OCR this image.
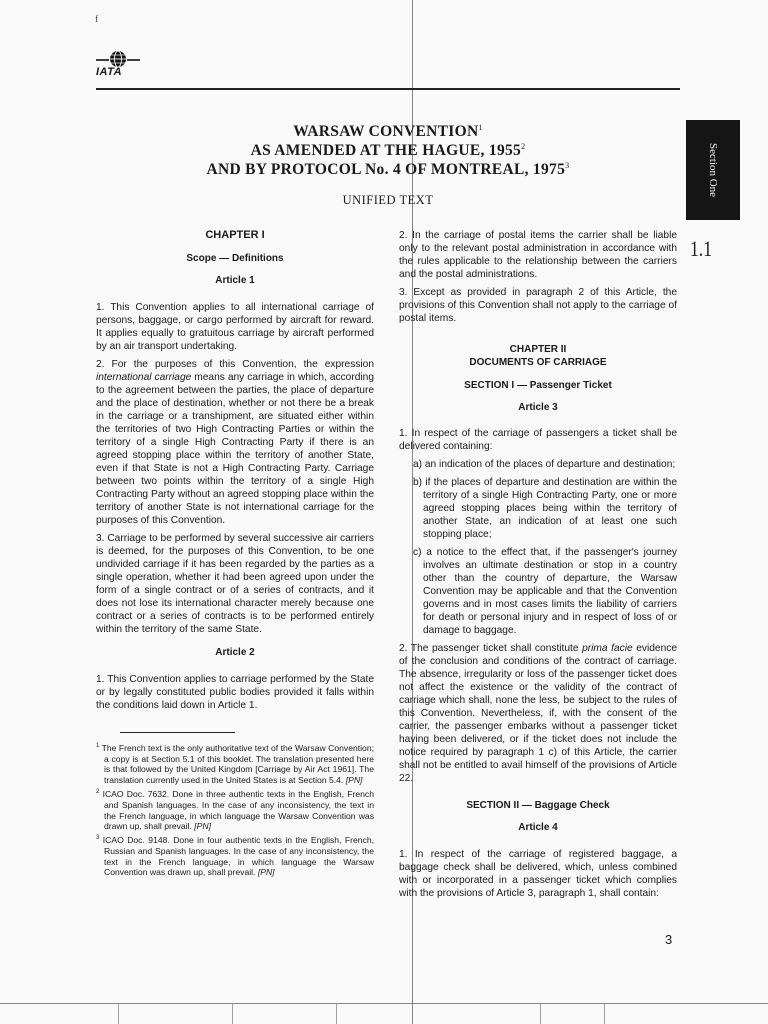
f
IATA
Section One
1.1
WARSAW CONVENTION$^1$
AS AMENDED AT THE HAGUE, 1955$^2$
AND BY PROTOCOL No. 4 OF MONTREAL, 1975$^3$
UNIFIED TEXT

CHAPTER I

Scope — Definitions

Article 1

1. This Convention applies to all international carriage of persons, baggage, or cargo performed by aircraft for reward. It applies equally to gratuitous carriage by aircraft performed by an air transport undertaking.

2. For the purposes of this Convention, the expression international carriage means any carriage in which, according to the agreement between the parties, the place of departure and the place of destination, whether or not there be a break in the carriage or a transhipment, are situated either within the territories of two High Contracting Parties or within the territory of a single High Contracting Party if there is an agreed stopping place within the territory of another State, even if that State is not a High Contracting Party. Carriage between two points within the territory of a single High Contracting Party without an agreed stopping place within the territory of another State is not international carriage for the purposes of this Convention.

3. Carriage to be performed by several successive air carriers is deemed, for the purposes of this Convention, to be one undivided carriage if it has been regarded by the parties as a single operation, whether it had been agreed upon under the form of a single contract or of a series of contracts, and it does not lose its international character merely because one contract or a series of contracts is to be performed entirely within the territory of the same State.

Article 2

1. This Convention applies to carriage performed by the State or by legally constituted public bodies provided it falls within the conditions laid down in Article 1.

$^1$ The French text is the only authoritative text of the Warsaw Convention; a copy is at Section 5.1 of this booklet. The translation presented here is that followed by the United Kingdom [Carriage by Air Act 1961]. The translation currently used in the United States is at Section 5.4. [PN]

$^2$ ICAO Doc. 7632. Done in three authentic texts in the English, French and Spanish languages. In the case of any inconsistency, the text in the French language, in which language the Warsaw Convention was drawn up, shall prevail. [PN]

$^3$ ICAO Doc. 9148. Done in four authentic texts in the English, French, Russian and Spanish languages. In the case of any inconsistency, the text in the French language, in which language the Warsaw Convention was drawn up, shall prevail. [PN]

2. In the carriage of postal items the carrier shall be liable only to the relevant postal administration in accordance with the rules applicable to the relationship between the carriers and the postal administrations.

3. Except as provided in paragraph 2 of this Article, the provisions of this Convention shall not apply to the carriage of postal items.

CHAPTER II

DOCUMENTS OF CARRIAGE

SECTION I — Passenger Ticket

Article 3

1. In respect of the carriage of passengers a ticket shall be delivered containing:

a) an indication of the places of departure and destination;

b) if the places of departure and destination are within the territory of a single High Contracting Party, one or more agreed stopping places being within the territory of another State, an indication of at least one such stopping place;

c) a notice to the effect that, if the passenger's journey involves an ultimate destination or stop in a country other than the country of departure, the Warsaw Convention may be applicable and that the Convention governs and in most cases limits the liability of carriers for death or personal injury and in respect of loss of or damage to baggage.

2. The passenger ticket shall constitute prima facie evidence of the conclusion and conditions of the contract of carriage. The absence, irregularity or loss of the passenger ticket does not affect the existence or the validity of the contract of carriage which shall, none the less, be subject to the rules of this Convention. Nevertheless, if, with the consent of the carrier, the passenger embarks without a passenger ticket having been delivered, or if the ticket does not include the notice required by paragraph 1 c) of this Article, the carrier shall not be entitled to avail himself of the provisions of Article 22.

SECTION II — Baggage Check

Article 4

1. In respect of the carriage of registered baggage, a baggage check shall be delivered, which, unless combined with or incorporated in a passenger ticket which complies with the provisions of Article 3, paragraph 1, shall contain:

3
